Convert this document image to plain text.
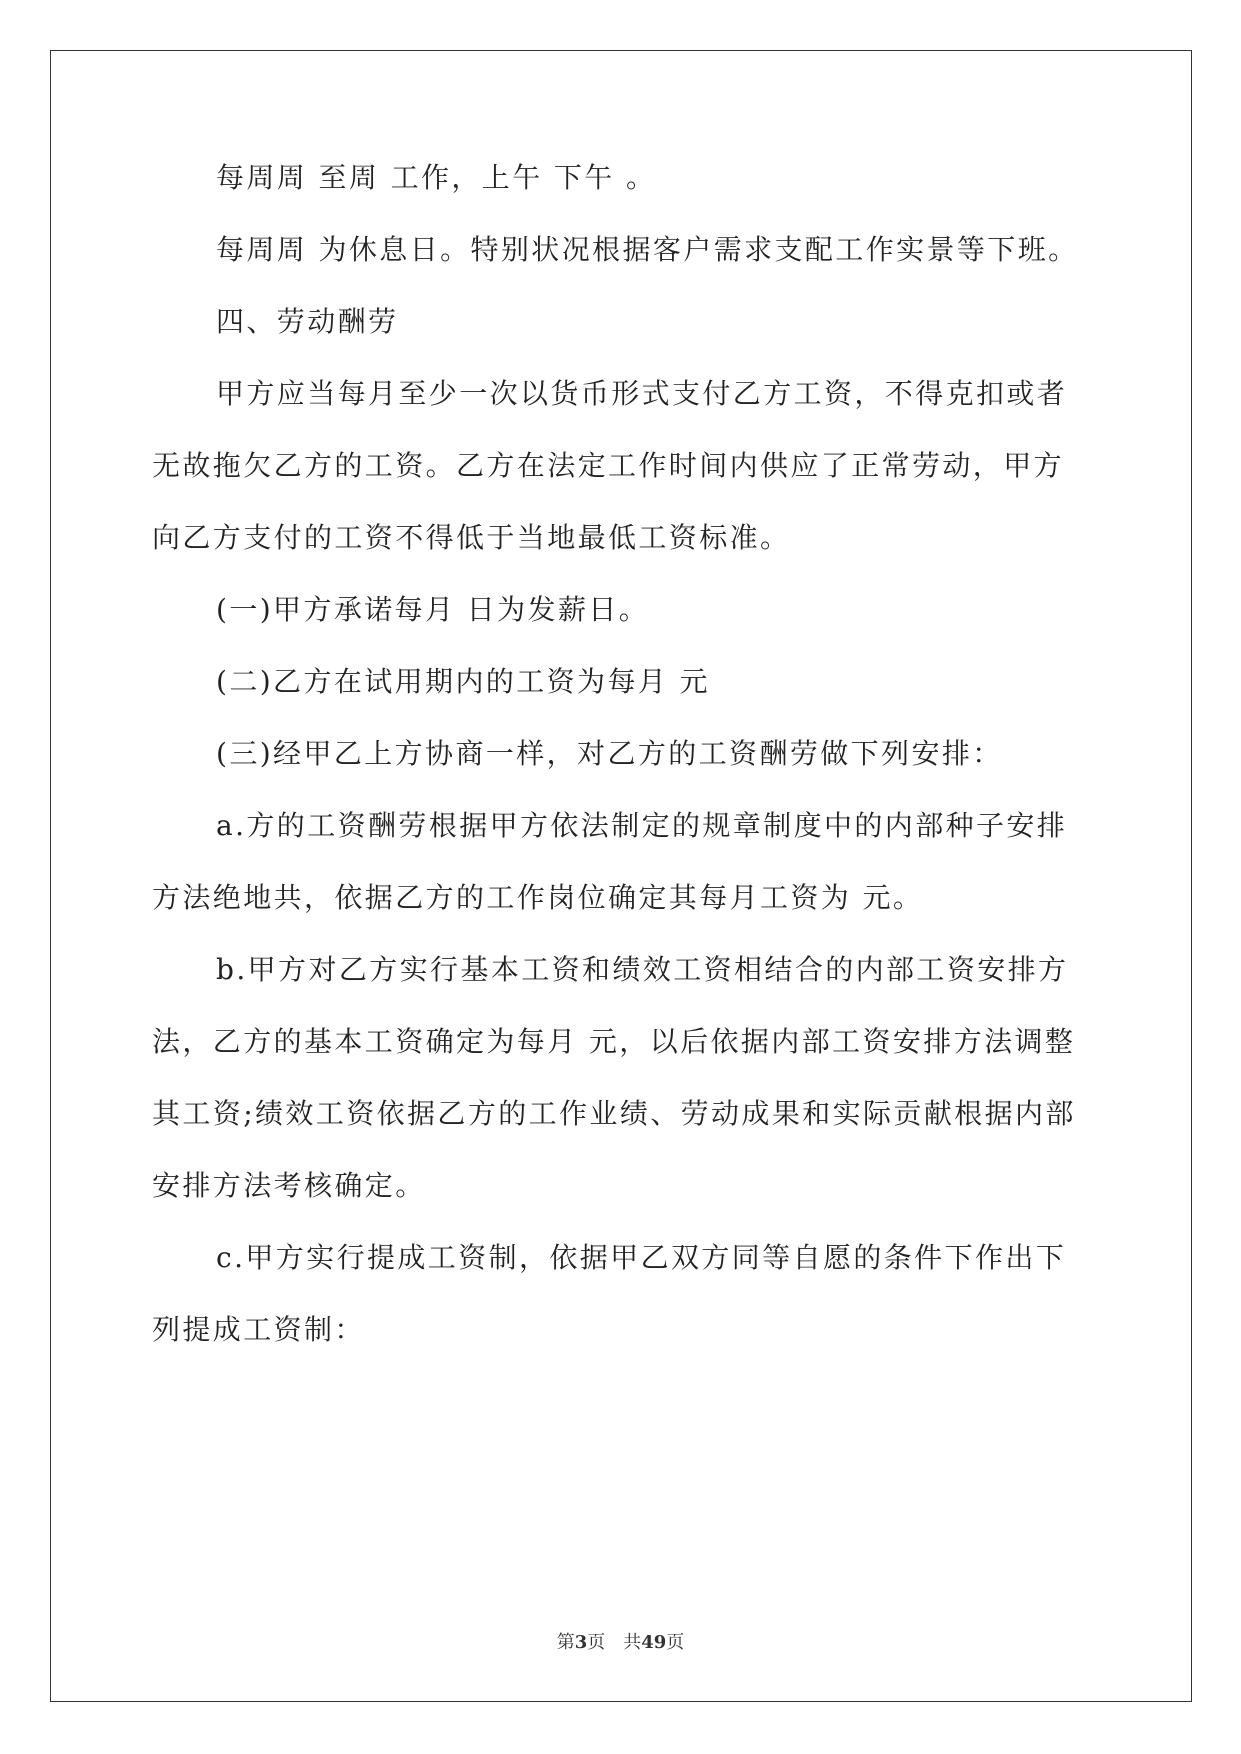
每周周 至周 工作，上午 下午 。
每周周 为休息日。特别状况根据客户需求支配工作实景等下班。
四、劳动酬劳
甲方应当每月至少一次以货币形式支付乙方工资，不得克扣或者
无故拖欠乙方的工资。乙方在法定工作时间内供应了正常劳动，甲方
向乙方支付的工资不得低于当地最低工资标准。
(一)甲方承诺每月 日为发薪日。
(二)乙方在试用期内的工资为每月 元
(三)经甲乙上方协商一样，对乙方的工资酬劳做下列安排：
a.方的工资酬劳根据甲方依法制定的规章制度中的内部种子安排
方法绝地共，依据乙方的工作岗位确定其每月工资为 元。
b.甲方对乙方实行基本工资和绩效工资相结合的内部工资安排方
法，乙方的基本工资确定为每月 元，以后依据内部工资安排方法调整
其工资;绩效工资依据乙方的工作业绩、劳动成果和实际贡献根据内部
安排方法考核确定。
c.甲方实行提成工资制，依据甲乙双方同等自愿的条件下作出下
列提成工资制：
第3页 共49页
